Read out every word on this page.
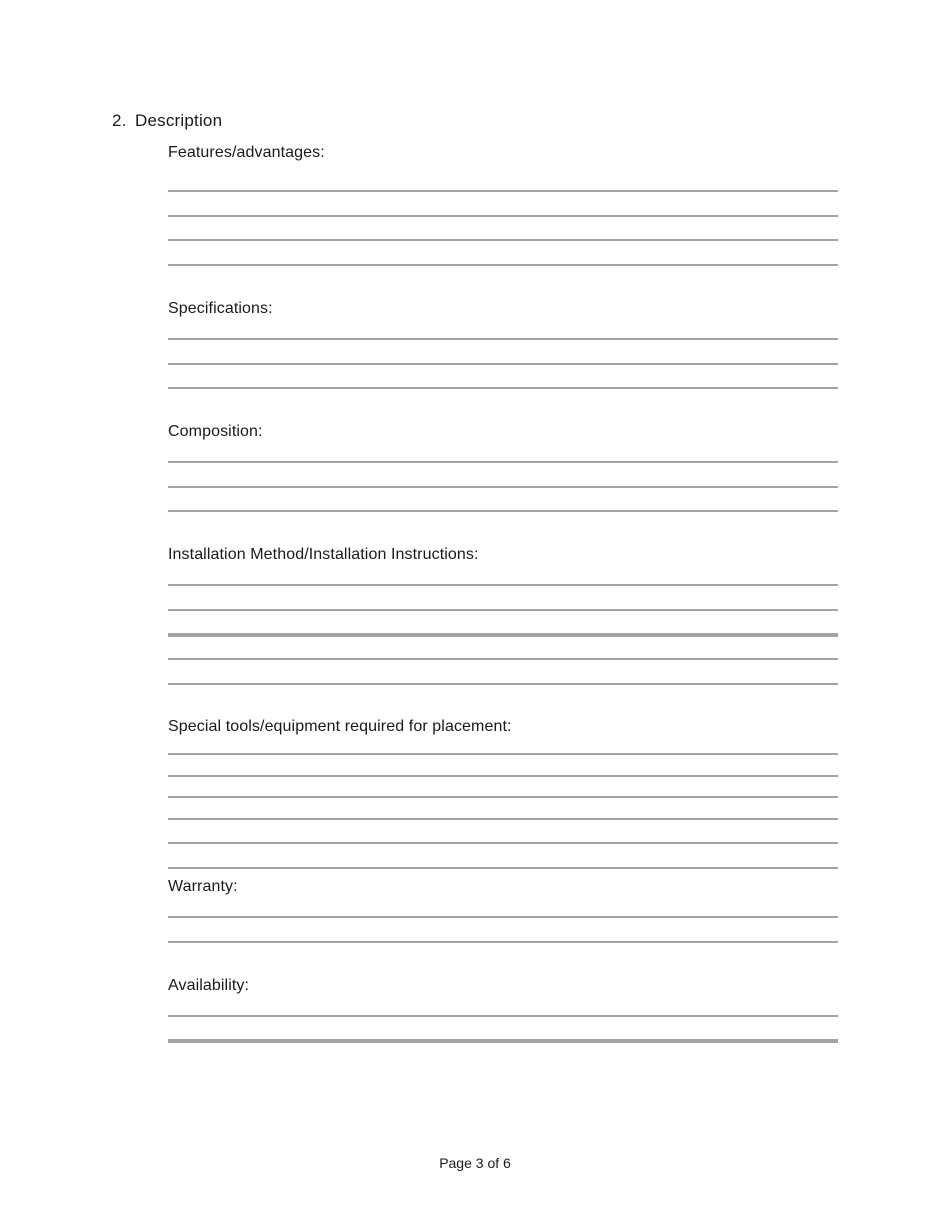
2. Description
Features/advantages:
Specifications:
Composition:
Installation Method/Installation Instructions:
Special tools/equipment required for placement:
Warranty:
Availability:
Page 3 of 6
